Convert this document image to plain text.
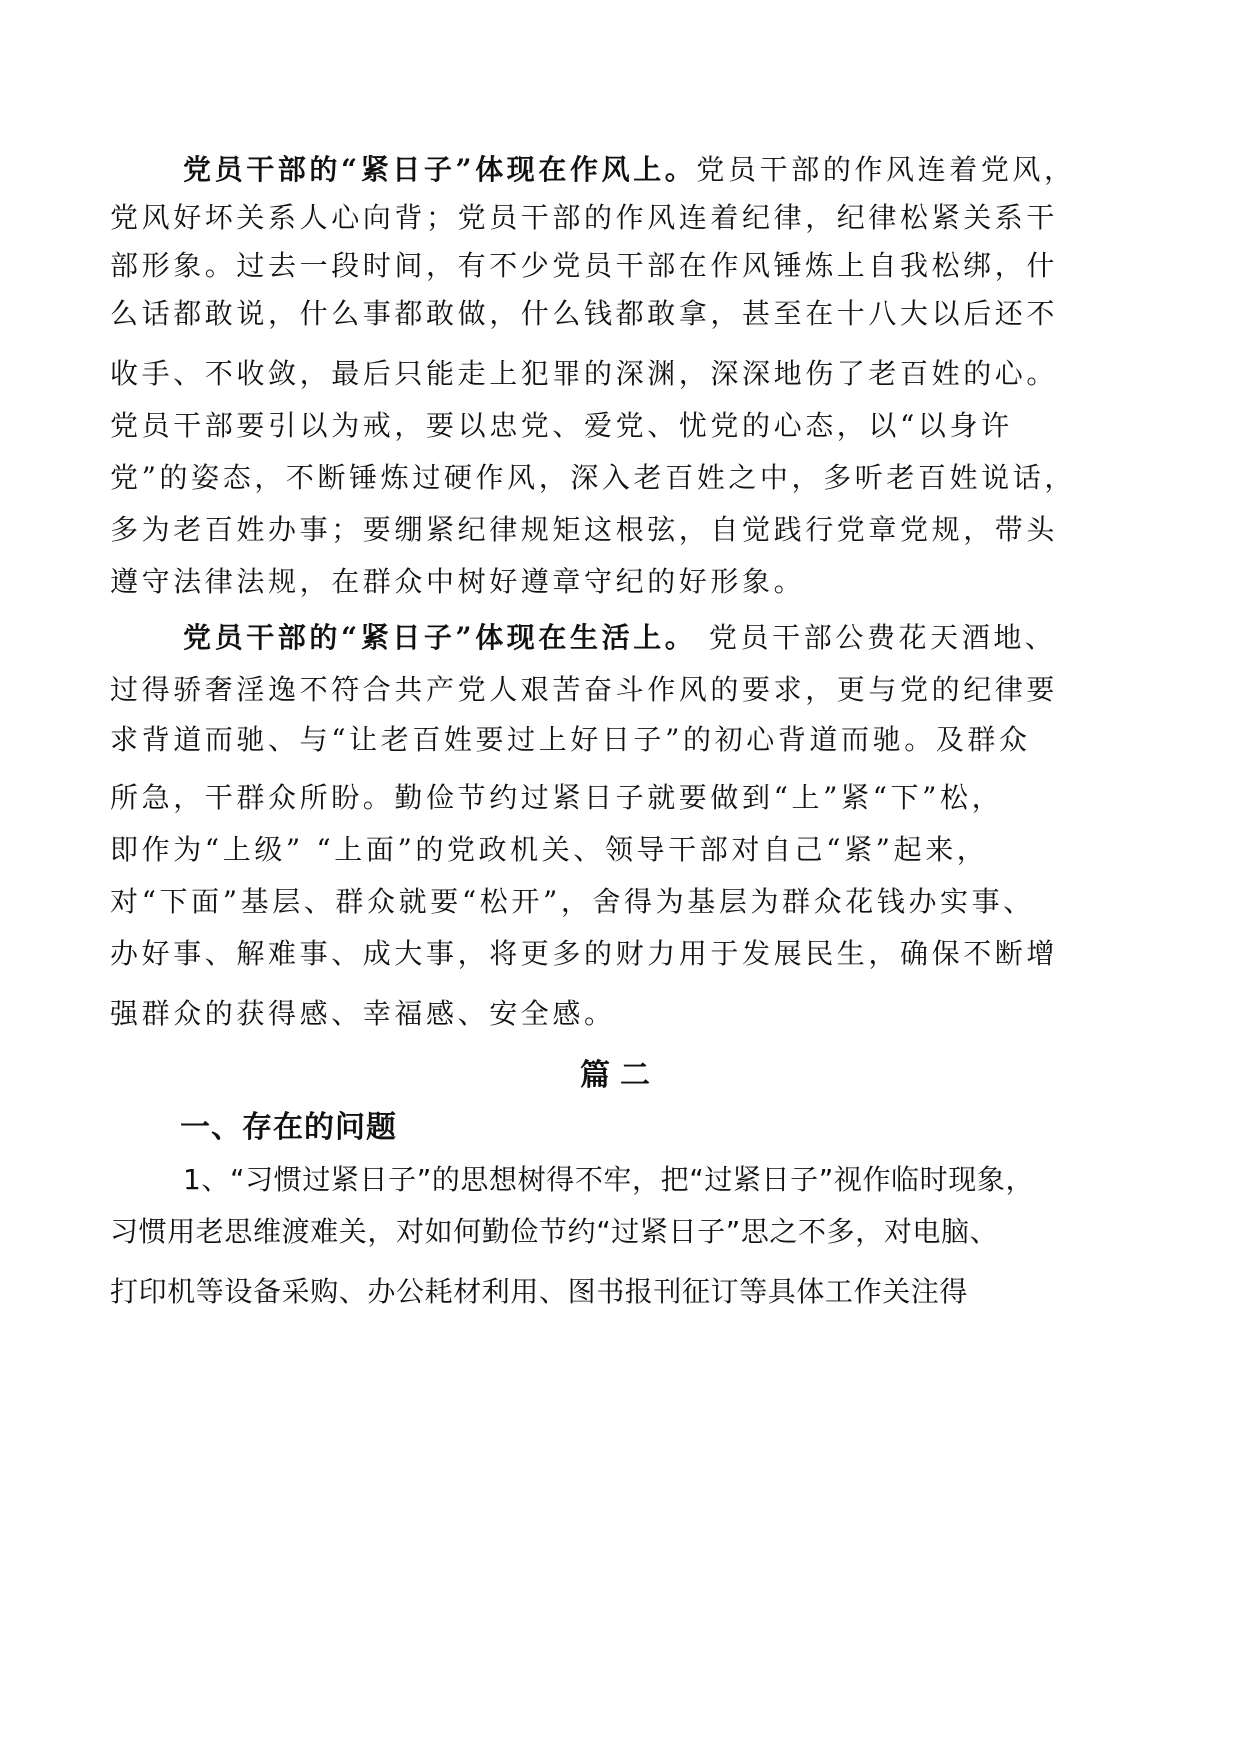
党员干部的“紧日子”体现在作风上。党员干部的作风连着党风，
党风好坏关系人心向背；党员干部的作风连着纪律，纪律松紧关系干
部形象。过去一段时间，有不少党员干部在作风锤炼上自我松绑，什
么话都敢说，什么事都敢做，什么钱都敢拿，甚至在十八大以后还不
收手、不收敛，最后只能走上犯罪的深渊，深深地伤了老百姓的心。
党员干部要引以为戒，要以忠党、爱党、忧党的心态，以“以身许
党”的姿态，不断锤炼过硬作风，深入老百姓之中，多听老百姓说话，
多为老百姓办事；要绷紧纪律规矩这根弦，自觉践行党章党规，带头
遵守法律法规，在群众中树好遵章守纪的好形象。
党员干部的“紧日子”体现在生活上。 党员干部公费花天酒地、
过得骄奢淫逸不符合共产党人艰苦奋斗作风的要求，更与党的纪律要
求背道而驰、与“让老百姓要过上好日子”的初心背道而驰。及群众
所急，干群众所盼。勤俭节约过紧日子就要做到“上”紧“下”松，
即作为“上级” “上面”的党政机关、领导干部对自己“紧”起来，
对“下面”基层、群众就要“松开”，舍得为基层为群众花钱办实事、
办好事、解难事、成大事，将更多的财力用于发展民生，确保不断增
强群众的获得感、幸福感、安全感。
篇二
一、存在的问题
1、“习惯过紧日子”的思想树得不牢，把“过紧日子”视作临时现象，
习惯用老思维渡难关，对如何勤俭节约“过紧日子”思之不多，对电脑、
打印机等设备采购、办公耗材利用、图书报刊征订等具体工作关注得
